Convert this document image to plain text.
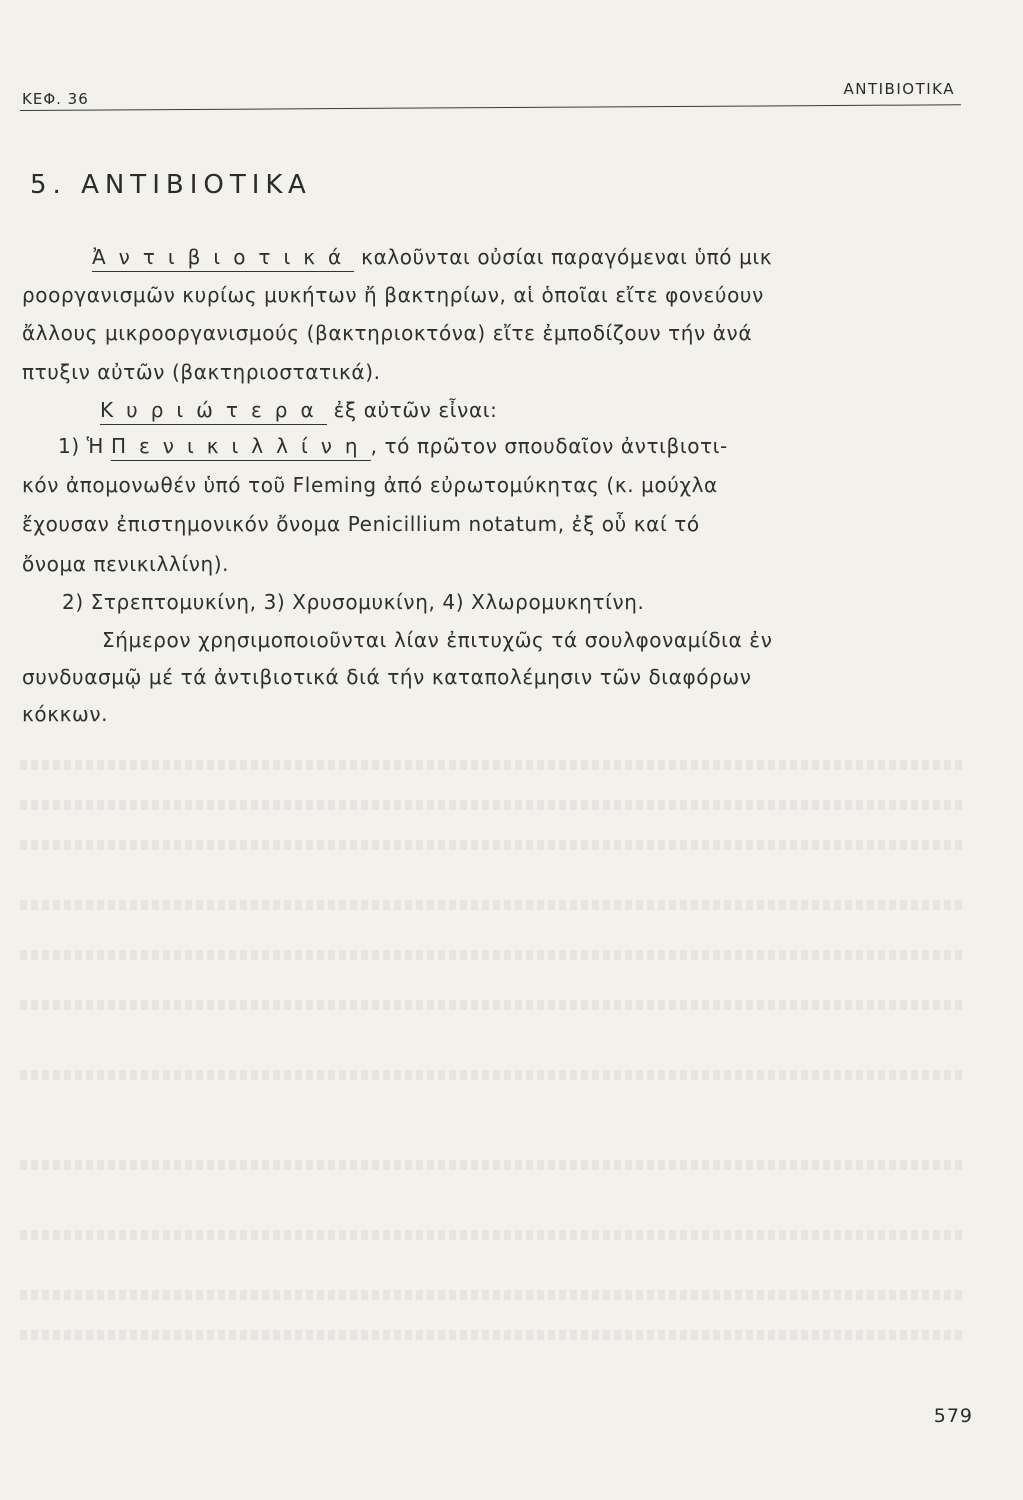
ΚΕΦ. 36
ANTIBIOTIKA
5. ANTIBIOTIKA
Ἀντιβιοτικά καλοῦνται οὐσίαι παραγόμεναι ὑπό μικ
ροοργανισμῶν κυρίως μυκήτων ἤ βακτηρίων, αἱ ὁποῖαι εἴτε φονεύουν
ἄλλους μικροοργανισμούς (βακτηριοκτόνα) εἴτε ἐμποδίζουν τήν ἀνά
πτυξιν αὐτῶν (βακτηριοστατικά).
Κυριώτερα ἐξ αὐτῶν εἶναι:
1) Ἡ Πενικιλλίνη, τό πρῶτον σπουδαῖον ἀντιβιοτι-
κόν ἀπομονωθέν ὑπό τοῦ Fleming ἀπό εὐρωτομύκητας (κ. μούχλα
ἔχουσαν ἐπιστημονικόν ὄνομα Penicillium notatum, ἐξ οὗ καί τό
ὄνομα πενικιλλίνη).
2) Στρεπτομυκίνη, 3) Χρυσομυκίνη, 4) Χλωρομυκητίνη.
Σήμερον χρησιμοποιοῦνται λίαν ἐπιτυχῶς τά σουλφοναμίδια ἐν
συνδυασμῷ μέ τά ἀντιβιοτικά διά τήν καταπολέμησιν τῶν διαφόρων
κόκκων.
579
